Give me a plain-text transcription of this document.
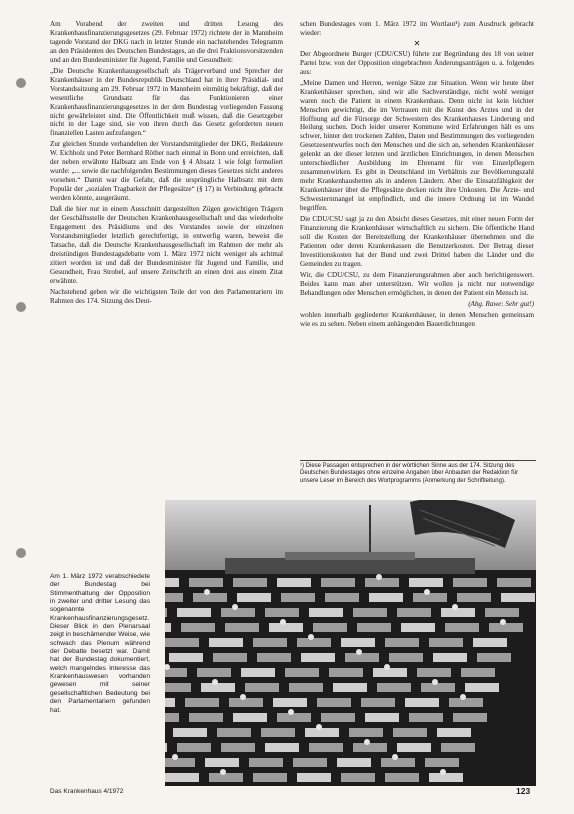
Am Vorabend der zweiten und dritten Lesung des Krankenhausfinanzierungsgesetzes (29. Februar 1972) richtete der in Mannheim tagende Vorstand der DKG nach in letzter Stunde ein nachstehendes Telegramm an den Präsidenten des Deutschen Bundestages, an die drei Fraktionsvorsitzenden und an den Bundesminister für Jugend, Familie und Gesundheit:

„Die Deutsche Krankenhausgesellschaft als Trägerverband und Sprecher der Krankenhäuser in der Bundesrepublik Deutschland hat in ihrer Präsidial- und Vorstandssitzung am 29. Februar 1972 in Mannheim einmütig bekräftigt, daß der wesentliche Grundsatz für das Funktionieren einer Krankenhausfinanzierungsgesetzes in der dem Bundestag vorliegenden Fassung nicht gewährleistet sind. Die Öffentlichkeit muß wissen, daß die Gesetzgeber nicht in der Lage sind, sie von ihren durch das Gesetz geforderten neuen finanziellen Lasten aufzufangen.“

Zur gleichen Stunde verhandelten der Vorstandsmitglieder der DKG, Redakteure W. Eichholz und Peter Bernhard Röther nach einmal in Bonn und erreichten, daß der neben erwähnte Halbsatz am Ende von § 4 Absatz 1 wie folgt formuliert wurde: „... sowie die nachfolgenden Bestimmungen dieses Gesetzes nicht anderes vorsehen.“ Damit war die Gefahr, daß die ursprüngliche Halbsatz mit dem Populär der „sozialen Tragbarkeit der Pflegesätze“ (§ 17) in Verbindung gebracht werden könnte, ausgeräumt.

Daß die hier nur in einem Ausschnitt dargestellten Zügen gewichtigen Trägern der Geschäftsstelle der Deutschen Krankenhausgesellschaft und das wiederholte Engagement des Präsidiums und des Vorstandes sowie der einzelnen Vorstandsmitglieder letztlich gerechtfertigt, in entwerfig waren, beweist die Tatsache, daß die Deutsche Krankenhausgesellschaft im Rahmen der mehr als dreistündigen Bundestagsdebatte vom 1. März 1972 nicht weniger als achtmal zitiert worden ist und daß der Bundesminister für Jugend und Familie, und Gesundheit, Frau Strobel, auf unsere Zeitschrift an einen drei aus einem Zitat erwähnte.

Nachstehend geben wir die wichtigsten Teile der von den Parlamentariern im Rahmen des 174. Sitzung des Deut-

schen Bundestages vom 1. März 1972 im Wortlaut¹) zum Ausdruck gebracht wieder:

✕

Der Abgeordnete Burger (CDU/CSU) führte zur Begründung des 18 von seiner Partei bzw. von der Opposition eingebrachten Änderungsanträgen u. a. folgendes aus:

„Meine Damen und Herren, wenige Sätze zur Situation. Wenn wir heute über Krankenhäuser sprechen, sind wir alle Sachverständige, nicht wohl weniger waren noch die Patient in einem Krankenhaus. Denn nicht ist kein leichter Menschen gewichtigt, die im Vertrauen mit die Kunst des Arztes und in der Hoffnung auf die Fürsorge der Schwestern des Krankenhauses Linderung und Heilung suchen. Doch leider unserer Kommune wird Erfahrungen hält es uns schwer, hinter den trockenen Zahlen, Daten und Bestimmungen des vorliegenden Gesetzesentwurfes noch den Menschen und die sich an, sehenden Krankenhäuser gelenkt an der dieser letzten und ärztlichen Einrichtungen, in denen Menschen unterschiedlicher Ausbildung im Ehrenamt für von Einzelpflegern zusammenwirken. Es gibt in Deutschland im Verhältnis zur Bevölkerungszahl mehr Krankenhausbetten als in anderen Ländern. Aber die Einsatzfähigkeit der Krankenhäuser über die Pflegesätze decken nicht ihre Unkosten. Die Ärzte- und Schwesternmangel ist empfindlich, und die innere Ordnung ist im Wandel begriffen.

Die CDU/CSU sagt ja zu den Absicht dieses Gesetzes, mit einer neuen Form der Finanzierung die Krankenhäuser wirtschaftlich zu sichern. Die öffentliche Hand soll die Kosten der Bereitstellung der Krankenhäuser übernehmen und die Patienten oder deren Krankenkassen die Benutzerkosten. Der Betrag dieser Investitionskosten hat der Bund und zwei Drittel haben die Länder und die Gemeinden zu tragen.

Wir, die CDU/CSU, zu dem Finanzierungsrahmen aber auch berichtigenswert. Beides kann man aber unterstützen. Wir wollen ja nicht nur notwendige Behandlungen oder Menschen ermöglichen, in denen der Patient ein Mensch ist.

(Abg. Rawe: Sehr gut!)

wohlen innerhalb gegliederter Krankenhäuser, in denen Menschen gemeinsam wie es zu sehen. Neben einem anhängenden Bauerdichtungen

¹) Diese Passagen entsprechen in der wörtlichen Sinne aus der 174. Sitzung des Deutschen Bundestages ohne einzelne Angaben über Anbauten der Redaktion für unsere Leser im Bereich des Wortprogramms (Anmerkung der Schriftleitung).
Am 1. März 1972 verabschiedete der Bundestag bei Stimmenthaltung der Opposition in zweiter und dritter Lesung das sogenannte Krankenhausfinanzierungsgesetz. Dieser Blick in den Plenarsaal zeigt in beschämender Weise, wie schwach das Plenum während der Debatte besetzt war. Damit hat der Bundestag dokumentiert, welch mangelndes Interesse das Krankenhauswesen vorhanden gewesen mit seiner gesellschaftlichen Bedeutung bei den Parlamentariern gefunden hat.
Das Krankenhaus 4/1972	123
